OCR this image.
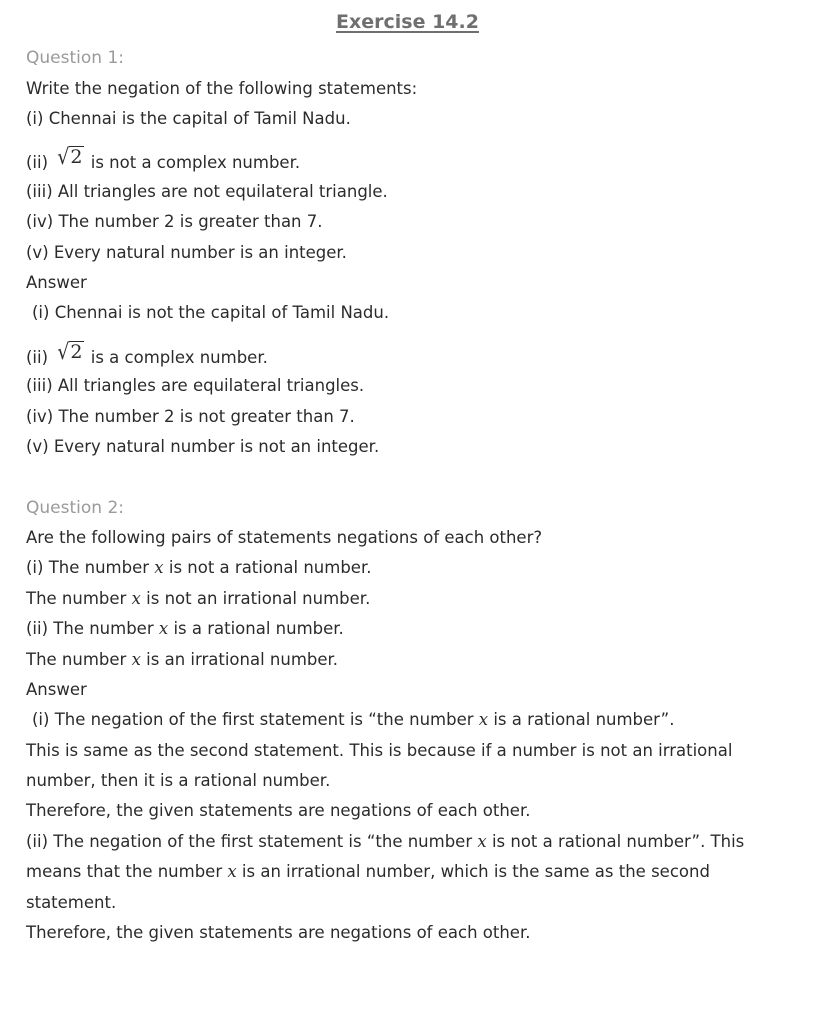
Exercise 14.2
Question 1:
Write the negation of the following statements:
(i) Chennai is the capital of Tamil Nadu.
(ii) √2 is not a complex number.
(iii) All triangles are not equilateral triangle.
(iv) The number 2 is greater than 7.
(v) Every natural number is an integer.
Answer
(i) Chennai is not the capital of Tamil Nadu.
(ii) √2 is a complex number.
(iii) All triangles are equilateral triangles.
(iv) The number 2 is not greater than 7.
(v) Every natural number is not an integer.
Question 2:
Are the following pairs of statements negations of each other?
(i) The number x is not a rational number.
The number x is not an irrational number.
(ii) The number x is a rational number.
The number x is an irrational number.
Answer
(i) The negation of the first statement is “the number x is a rational number”.
This is same as the second statement. This is because if a number is not an irrational
number, then it is a rational number.
Therefore, the given statements are negations of each other.
(ii) The negation of the first statement is “the number x is not a rational number”. This
means that the number x is an irrational number, which is the same as the second
statement.
Therefore, the given statements are negations of each other.
